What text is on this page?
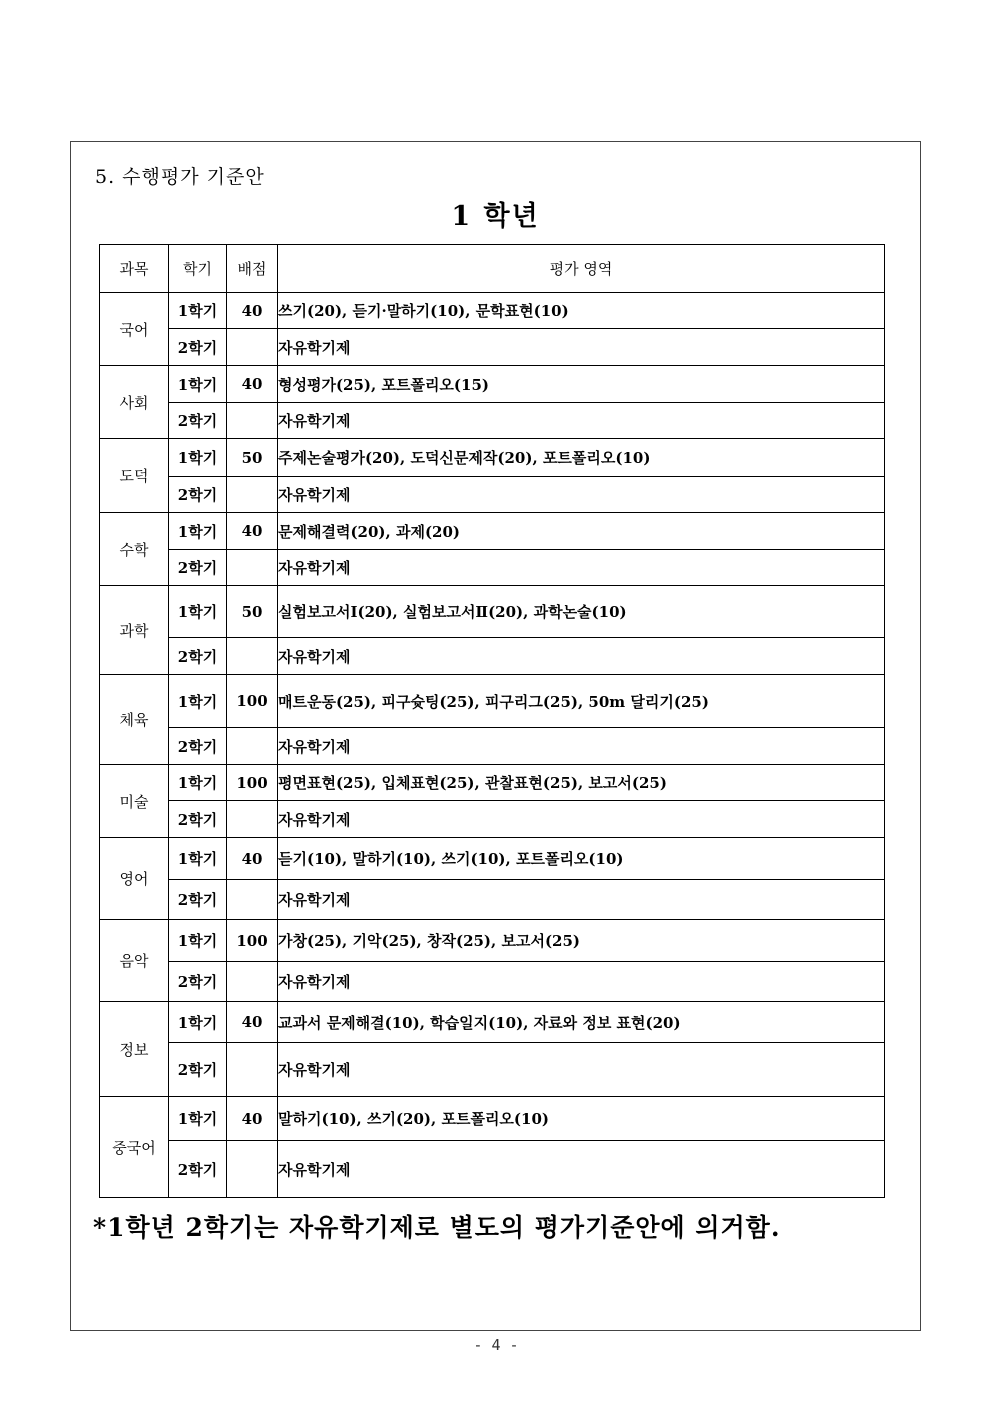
5. 수행평가 기준안
1 학년
과목	학기	배점	평가 영역
국어	1학기	40	쓰기(20), 듣기·말하기(10), 문학표현(10)
	2학기		자유학기제
사회	1학기	40	형성평가(25), 포트폴리오(15)
	2학기		자유학기제
도덕	1학기	50	주제논술평가(20), 도덕신문제작(20), 포트폴리오(10)
	2학기		자유학기제
수학	1학기	40	문제해결력(20), 과제(20)
	2학기		자유학기제
과학	1학기	50	실험보고서Ⅰ(20), 실험보고서Ⅱ(20), 과학논술(10)
	2학기		자유학기제
체육	1학기	100	매트운동(25), 피구슛팅(25), 피구리그(25), 50m 달리기(25)
	2학기		자유학기제
미술	1학기	100	평면표현(25), 입체표현(25), 관찰표현(25), 보고서(25)
	2학기		자유학기제
영어	1학기	40	듣기(10), 말하기(10), 쓰기(10), 포트폴리오(10)
	2학기		자유학기제
음악	1학기	100	가창(25), 기악(25), 창작(25), 보고서(25)
	2학기		자유학기제
정보	1학기	40	교과서 문제해결(10), 학습일지(10), 자료와 정보 표현(20)
	2학기		자유학기제
중국어	1학기	40	말하기(10), 쓰기(20), 포트폴리오(10)
	2학기		자유학기제
*1학년 2학기는 자유학기제로 별도의 평가기준안에 의거함.
- 4 -
